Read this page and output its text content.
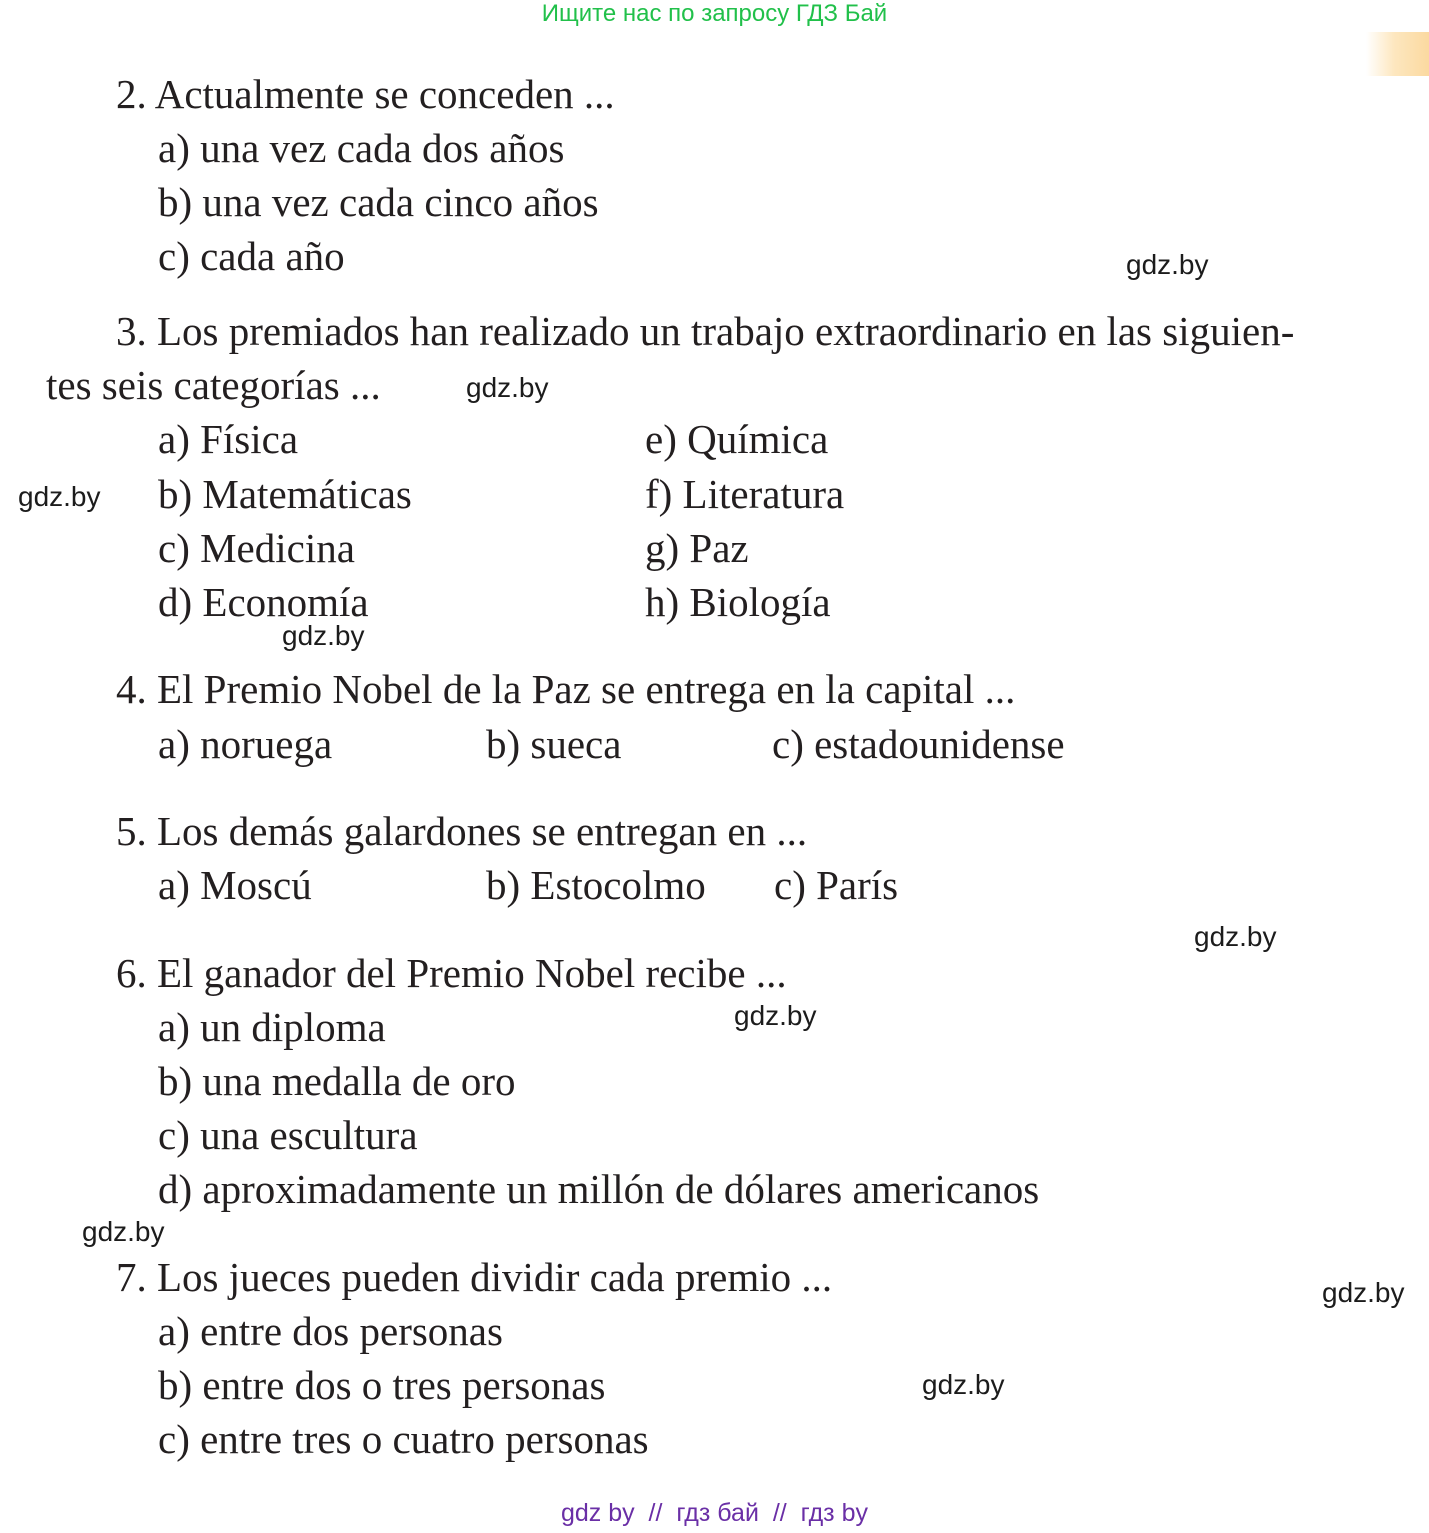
Ищите нас по запросу ГДЗ Бай
2. Actualmente se conceden ...
a) una vez cada dos años
b) una vez cada cinco años
c) cada año
3. Los premiados han realizado un trabajo extraordinario en las siguien-
tes seis categorías ...
a) Física
b) Matemáticas
c) Medicina
d) Economía
e) Química
f) Literatura
g) Paz
h) Biología
4. El Premio Nobel de la Paz se entrega en la capital ...
a) noruega	b) sueca	c) estadounidense
5. Los demás galardones se entregan en ...
a) Moscú	b) Estocolmo c) París
6. El ganador del Premio Nobel recibe ...
a) un diploma
b) una medalla de oro
c) una escultura
d) aproximadamente un millón de dólares americanos
7. Los jueces pueden dividir cada premio ...
a) entre dos personas
b) entre dos o tres personas
c) entre tres o cuatro personas
gdz.by
gdz.by
gdz.by
gdz.by
gdz.by
gdz.by
gdz.by
gdz.by
gdz.by
gdz by  //  гдз бай  //  гдз by
